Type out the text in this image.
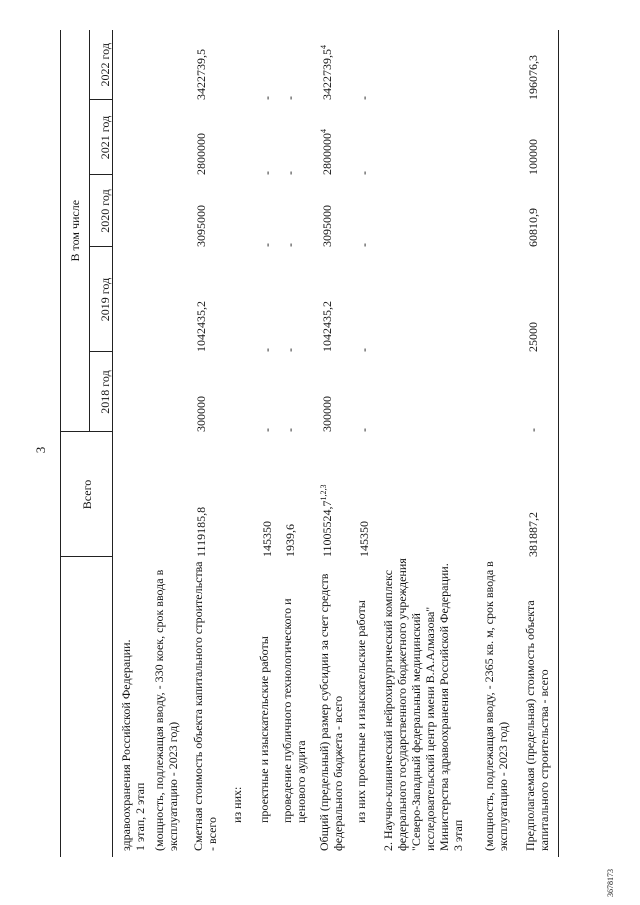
3
3678173
	Всего	В том числе				
		2018 год	2019 год	2020 год	2021 год	2022 год

здравоохранения Российской Федерации.
1 этап, 2 этап						
(мощность, подлежащая вводу, - 330 коек, срок ввода в эксплуатацию - 2023 год)						
Сметная стоимость объекта капитального строительства - всего	1119185,8	300000	1042435,2	3095000	2800000	3422739,5
из них:						
проектные и изыскательские работы	145350	-	-	-	-	-
проведение публичного технологического и ценового аудита	1939,6	-	-	-	-	-
Общий (предельный) размер субсидии за счет средств федерального бюджета - всего	11005524,7$^{1,2,3}$	300000	1042435,2	3095000	2800000$^4$	3422739,5$^4$
из них проектные и изыскательские работы	145350	-	-	-	-	-
2. Научно-клинический нейрохирургический комплекс федерального государственного бюджетного учреждения "Северо-Западный федеральный медицинский исследовательский центр имени В.А.Алмазова" Министерства здравоохранения Российской Федерации.
3 этап						
(мощность, подлежащая вводу, - 2365 кв. м, срок ввода в эксплуатацию - 2023 год)						
Предполагаемая (предельная) стоимость объекта капитального строительства - всего	381887,2	-	25000	60810,9	100000	196076,3
